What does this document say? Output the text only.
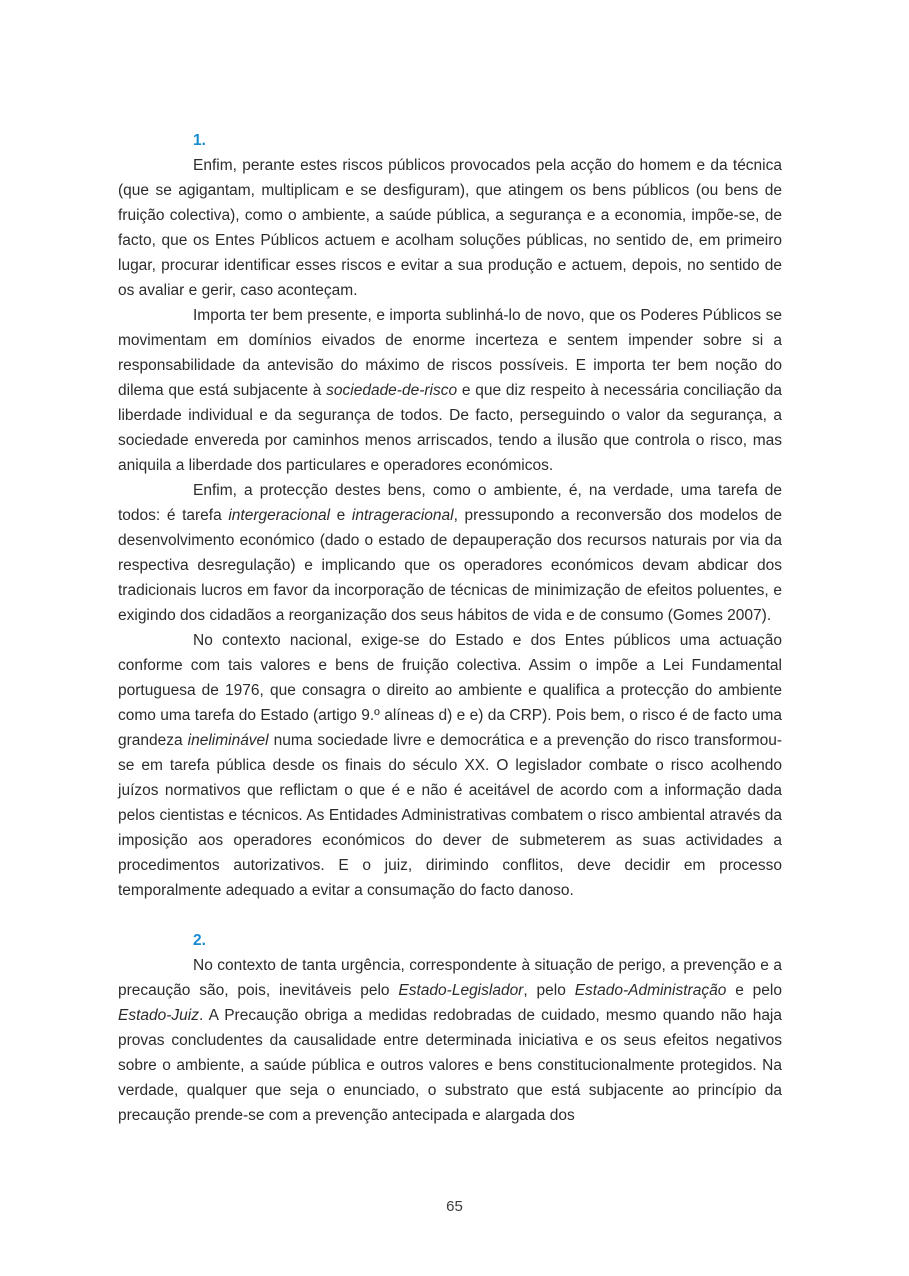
1.

Enfim, perante estes riscos públicos provocados pela acção do homem e da técnica (que se agigantam, multiplicam e se desfiguram), que atingem os bens públicos (ou bens de fruição colectiva), como o ambiente, a saúde pública, a segurança e a economia, impõe-se, de facto, que os Entes Públicos actuem e acolham soluções públicas, no sentido de, em primeiro lugar, procurar identificar esses riscos e evitar a sua produção e actuem, depois, no sentido de os avaliar e gerir, caso aconteçam.

Importa ter bem presente, e importa sublinhá-lo de novo, que os Poderes Públicos se movimentam em domínios eivados de enorme incerteza e sentem impender sobre si a responsabilidade da antevisão do máximo de riscos possíveis. E importa ter bem noção do dilema que está subjacente à sociedade-de-risco e que diz respeito à necessária conciliação da liberdade individual e da segurança de todos. De facto, perseguindo o valor da segurança, a sociedade envereda por caminhos menos arriscados, tendo a ilusão que controla o risco, mas aniquila a liberdade dos particulares e operadores económicos.

Enfim, a protecção destes bens, como o ambiente, é, na verdade, uma tarefa de todos: é tarefa intergeracional e intrageracional, pressupondo a reconversão dos modelos de desenvolvimento económico (dado o estado de depauperação dos recursos naturais por via da respectiva desregulação) e implicando que os operadores económicos devam abdicar dos tradicionais lucros em favor da incorporação de técnicas de minimização de efeitos poluentes, e exigindo dos cidadãos a reorganização dos seus hábitos de vida e de consumo (Gomes 2007).

No contexto nacional, exige-se do Estado e dos Entes públicos uma actuação conforme com tais valores e bens de fruição colectiva. Assim o impõe a Lei Fundamental portuguesa de 1976, que consagra o direito ao ambiente e qualifica a protecção do ambiente como uma tarefa do Estado (artigo 9.º alíneas d) e e) da CRP). Pois bem, o risco é de facto uma grandeza ineliminável numa sociedade livre e democrática e a prevenção do risco transformou-se em tarefa pública desde os finais do século XX. O legislador combate o risco acolhendo juízos normativos que reflictam o que é e não é aceitável de acordo com a informação dada pelos cientistas e técnicos. As Entidades Administrativas combatem o risco ambiental através da imposição aos operadores económicos do dever de submeterem as suas actividades a procedimentos autorizativos. E o juiz, dirimindo conflitos, deve decidir em processo temporalmente adequado a evitar a consumação do facto danoso.

2.

No contexto de tanta urgência, correspondente à situação de perigo, a prevenção e a precaução são, pois, inevitáveis pelo Estado-Legislador, pelo Estado-Administração e pelo Estado-Juiz. A Precaução obriga a medidas redobradas de cuidado, mesmo quando não haja provas concludentes da causalidade entre determinada iniciativa e os seus efeitos negativos sobre o ambiente, a saúde pública e outros valores e bens constitucionalmente protegidos. Na verdade, qualquer que seja o enunciado, o substrato que está subjacente ao princípio da precaução prende-se com a prevenção antecipada e alargada dos

65
